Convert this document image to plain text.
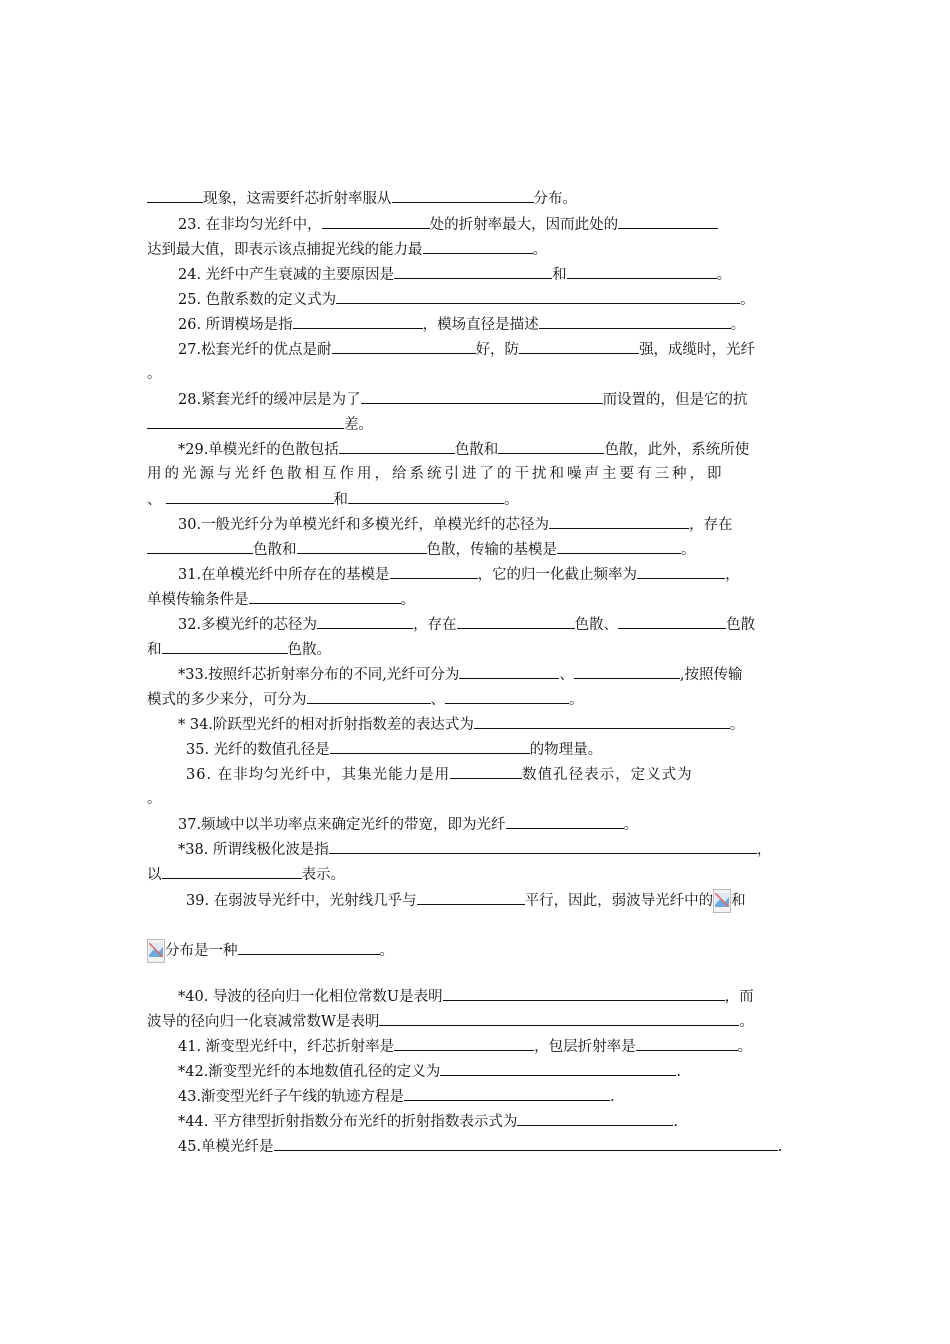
现象，这需要纤芯折射率服从	分布。
23. 在非均匀光纤中，	处的折射率最大，因而此处的
达到最大值，即表示该点捕捉光线的能力最	。
24. 光纤中产生衰减的主要原因是	和	。
25. 色散系数的定义式为	。
26. 所谓模场是指	，模场直径是描述	。
27.松套光纤的优点是耐	好，防	强，成缆时，光纤
。
28.紧套光纤的缓冲层是为了	而设置的，但是它的抗
差。
*29.单模光纤的色散包括	色散和	色散，此外，系统所使
用的光源与光纤色散相互作用，给系统引进了的干扰和噪声主要有三种，即
、	和	。
30.一般光纤分为单模光纤和多模光纤，单模光纤的芯径为	，存在
色散和	色散，传输的基模是	。
31.在单模光纤中所存在的基模是	，它的归一化截止频率为	，
单模传输条件是	。
32.多模光纤的芯径为	，存在	色散、	色散
和	色散。
*33.按照纤芯折射率分布的不同,光纤可分为	、	,按照传输
模式的多少来分，可分为	、	。
* 34.阶跃型光纤的相对折射指数差的表达式为	。
35. 光纤的数值孔径是	的物理量。
36. 在非均匀光纤中，其集光能力是用	数值孔径表示，定义式为
。
37.频域中以半功率点来确定光纤的带宽，即为光纤	。
*38. 所谓线极化波是指	，
以	表示。
39. 在弱波导光纤中，光射线几乎与	平行，因此，弱波导光纤中的 和
分布是一种	。
*40. 导波的径向归一化相位常数U是表明	，而
波导的径向归一化衰减常数W是表明	。
41. 渐变型光纤中，纤芯折射率是	，包层折射率是	。
*42.渐变型光纤的本地数值孔径的定义为	.
43.渐变型光纤子午线的轨迹方程是	.
*44. 平方律型折射指数分布光纤的折射指数表示式为	.
45.单模光纤是	.
